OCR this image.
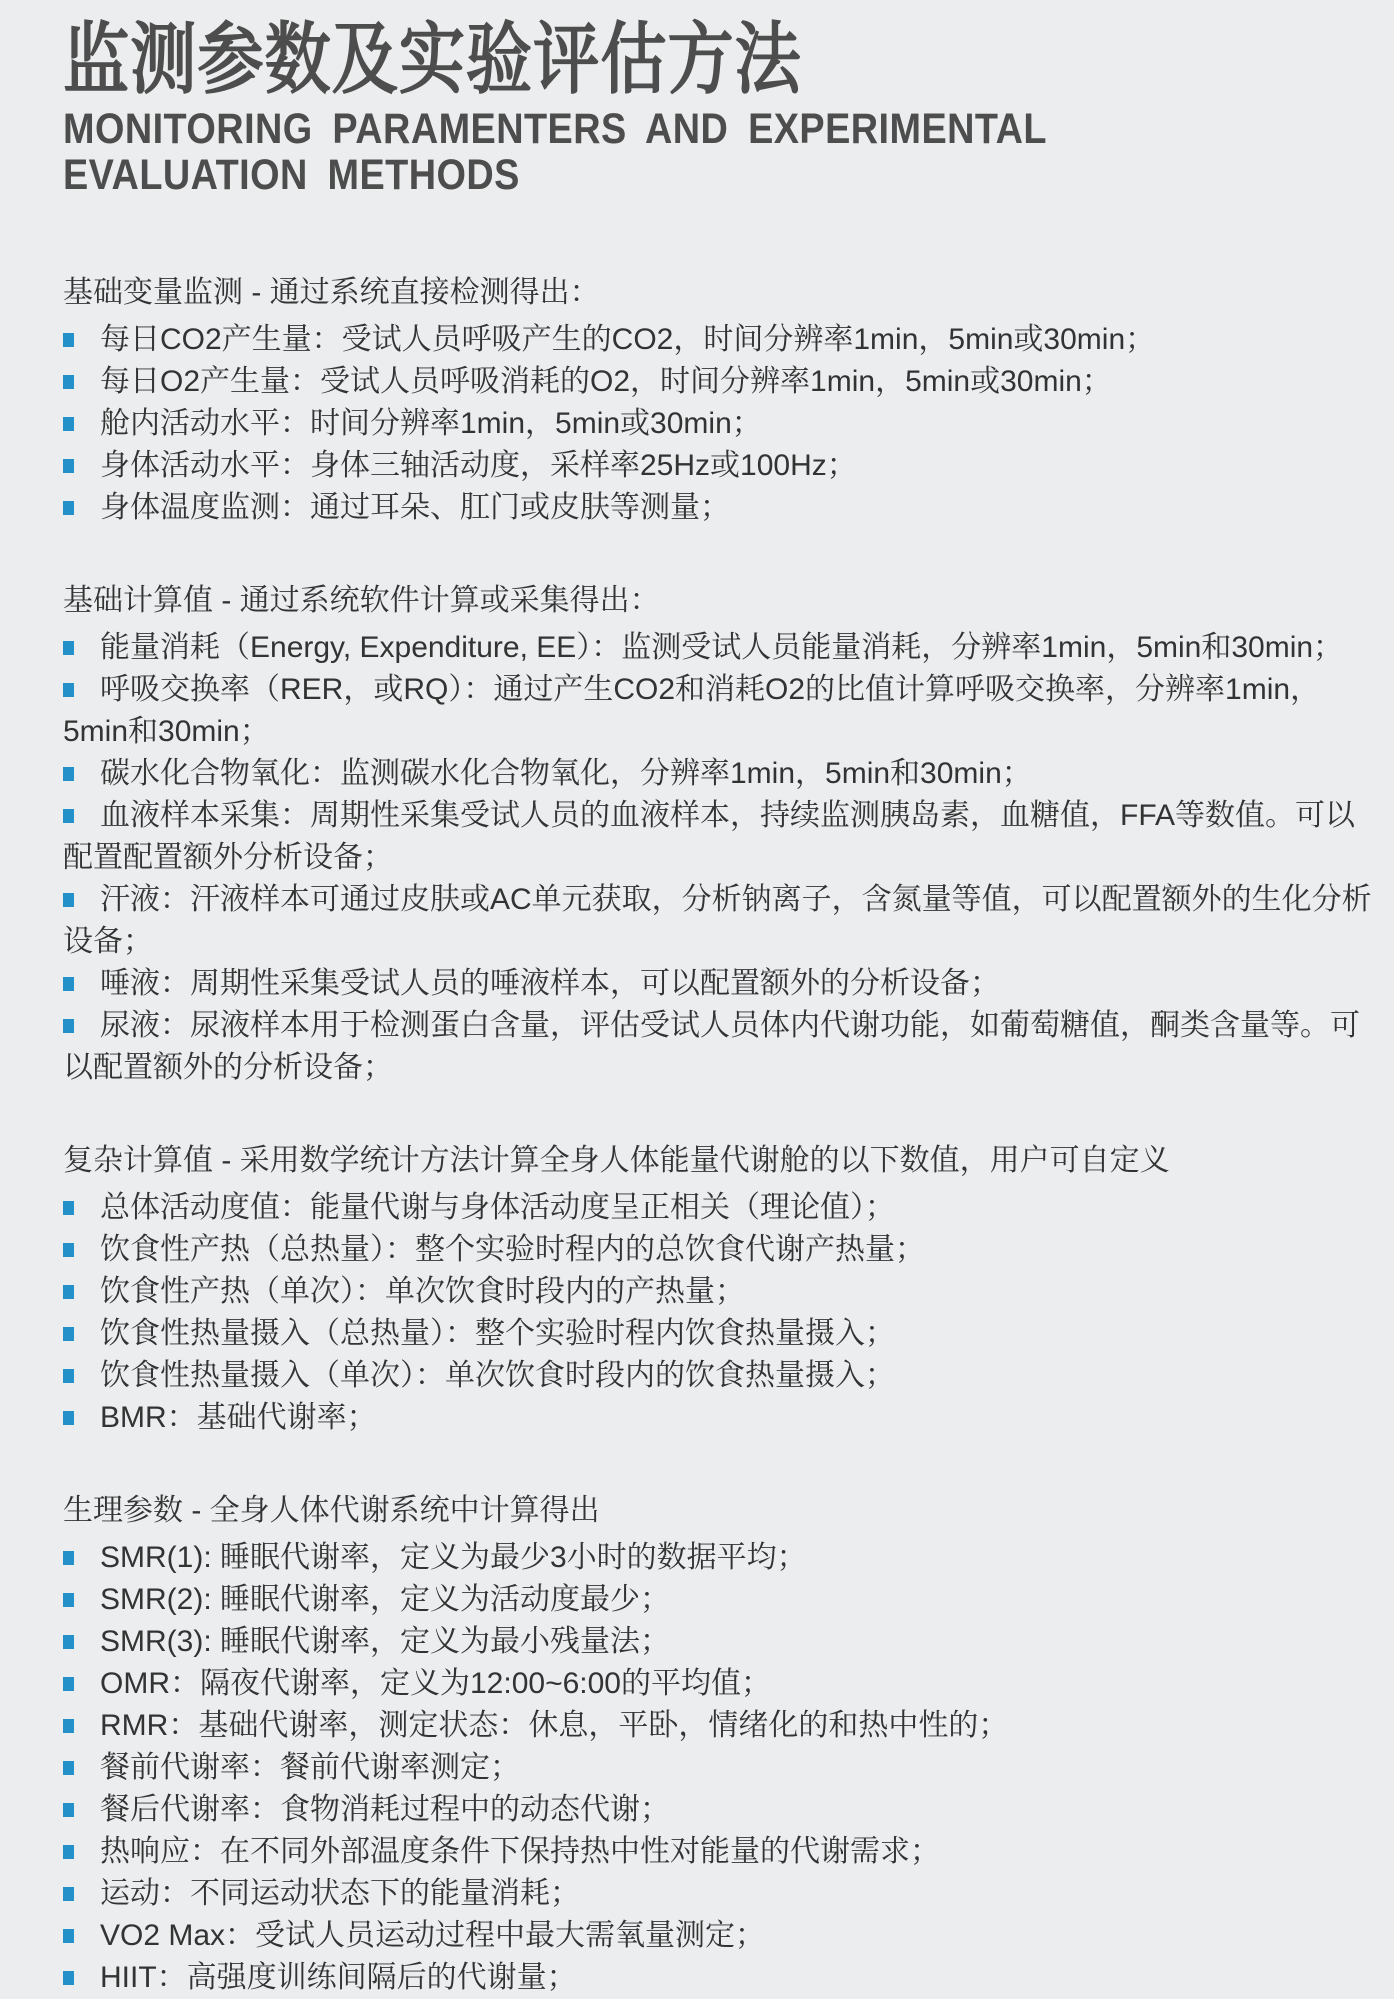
监测参数及实验评估方法
MONITORING PARAMENTERS AND EXPERIMENTAL
EVALUATION METHODS
基础变量监测 - 通过系统直接检测得出：

每日CO2产生量：受试人员呼吸产生的CO2，时间分辨率1min，5min或30min；

每日O2产生量：受试人员呼吸消耗的O2，时间分辨率1min，5min或30min；

舱内活动水平：时间分辨率1min，5min或30min；

身体活动水平：身体三轴活动度，采样率25Hz或100Hz；

身体温度监测：通过耳朵、肛门或皮肤等测量；

基础计算值 - 通过系统软件计算或采集得出：

能量消耗（Energy, Expenditure, EE）：监测受试人员能量消耗，分辨率1min，5min和30min；

呼吸交换率（RER，或RQ）：通过产生CO2和消耗O2的比值计算呼吸交换率，分辨率1min，5min和30min；

碳水化合物氧化：监测碳水化合物氧化，分辨率1min，5min和30min；

血液样本采集：周期性采集受试人员的血液样本，持续监测胰岛素，血糖值，FFA等数值。可以配置配置额外分析设备；

汗液：汗液样本可通过皮肤或AC单元获取，分析钠离子，含氮量等值，可以配置额外的生化分析设备；

唾液：周期性采集受试人员的唾液样本，可以配置额外的分析设备；

尿液：尿液样本用于检测蛋白含量，评估受试人员体内代谢功能，如葡萄糖值，酮类含量等。可以配置额外的分析设备；

复杂计算值 - 采用数学统计方法计算全身人体能量代谢舱的以下数值，用户可自定义

总体活动度值：能量代谢与身体活动度呈正相关（理论值）；

饮食性产热（总热量）：整个实验时程内的总饮食代谢产热量；

饮食性产热（单次）：单次饮食时段内的产热量；

饮食性热量摄入（总热量）：整个实验时程内饮食热量摄入；

饮食性热量摄入（单次）：单次饮食时段内的饮食热量摄入；

BMR：基础代谢率；

生理参数 - 全身人体代谢系统中计算得出

SMR(1): 睡眠代谢率，定义为最少3小时的数据平均；

SMR(2): 睡眠代谢率，定义为活动度最少；

SMR(3): 睡眠代谢率，定义为最小残量法；

OMR：隔夜代谢率，定义为12:00~6:00的平均值；

RMR：基础代谢率，测定状态：休息，平卧，情绪化的和热中性的；

餐前代谢率：餐前代谢率测定；

餐后代谢率：食物消耗过程中的动态代谢；

热响应：在不同外部温度条件下保持热中性对能量的代谢需求；

运动：不同运动状态下的能量消耗；

VO2 Max：受试人员运动过程中最大需氧量测定；

HIIT：高强度训练间隔后的代谢量；
